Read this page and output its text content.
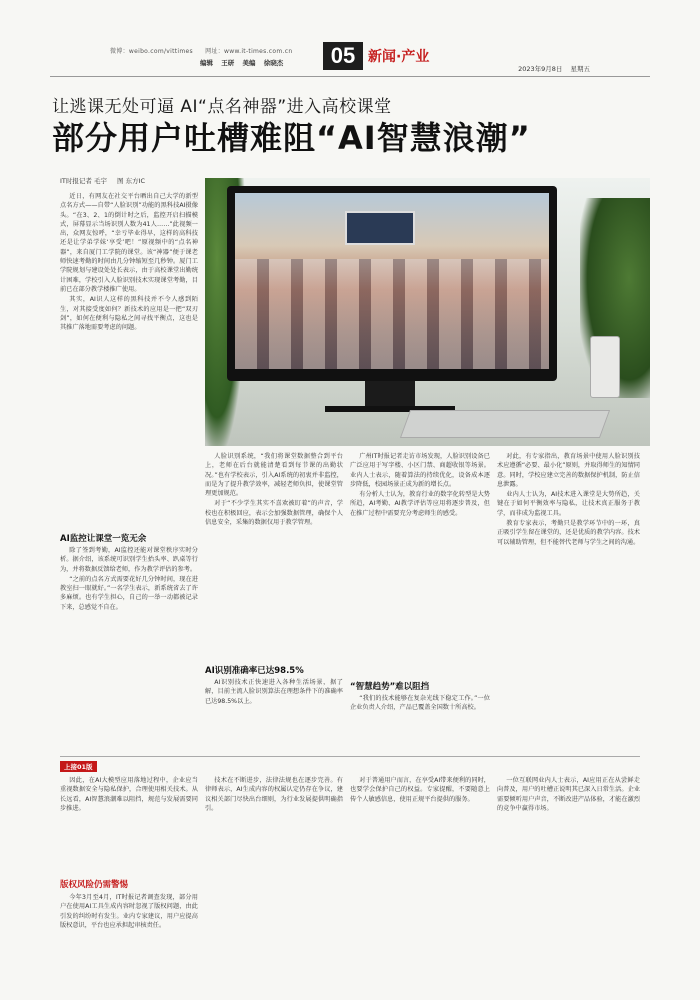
微博：weibo.com/vittimes 网址：www.it-times.com.cn
编辑 王研 美编 徐晓杰	05 新闻·产业
2023年9月8日 星期五
让逃课无处可逼 AI“点名神器”进入高校课堂
部分用户吐槽难阻“AI智慧浪潮”
IT时报记者 毛宇 图 东方IC

近日，有网友在社交平台晒出自己大学的新型点名方式——自带“人脸识别”功能的黑科技AI摄像头。“在3、2、1的倒计时之后，监控开启扫描模式，屏幕显示当场识别人数为41人……”此视频一出，众网友惊呼，“幸亏毕业得早，这样的高科技还是让学弟学妹‘享受’吧！”原视频中的“点名神器”，来自厦门工学院的课堂。该“神器”便于课老师快速考勤的时间由几分钟缩短至几秒钟。厦门工学院规划与建设处处长表示，由于高校课堂出勤统计困难，学校引入人脸识别技术实现课堂考勤，目前已在部分教学楼推广使用。

其实，AI识人这样的黑科技并不令人感到陌生，对其接受度如何？新技术的应用是一把“双刃剑”，如何在便利与隐私之间寻找平衡点，这也是其推广落地需要考虑的问题。

AI监控让课堂一览无余

除了签到考勤，AI监控还能对课堂秩序实时分析。据介绍，该系统可识别学生抬头率、趴桌等行为，并将数据反馈给老师，作为教学评估的参考。

“之前的点名方式需要花好几分钟时间，现在进教室扫一眼就好。”一名学生表示，新系统省去了许多麻烦。也有学生担心，自己的一举一动都被记录下来，总感觉不自在。

人脸识别系统，“我们将课堂数据整合到平台上，老师在后台就能清楚看到每节课的出勤状况。”也有学校表示，引入AI系统的初衷并非监控，而是为了提升教学效率，减轻老师负担，使课堂管理更加规范。

对于“不少学生其实不喜欢被盯着”的声音，学校也在积极回应，表示会加强数据管理，确保个人信息安全，采集的数据仅用于教学管理。

AI识别准确率已达98.5%

AI识别技术正快速进入各种生活场景，据了解，目前主流人脸识别算法在理想条件下的准确率已达98.5%以上。

广州IT时报记者走访市场发现，人脸识别设备已广泛应用于写字楼、小区门禁、商超收银等场景。业内人士表示，随着算法的持续优化，设备成本逐步降低，校园场景正成为新的增长点。

有分析人士认为，教育行业的数字化转型是大势所趋，AI考勤、AI教学评估等应用将逐步普及，但在推广过程中需要充分考虑师生的感受。

“智慧趋势”难以阻挡

“我们的技术能够在复杂光线下稳定工作。”一位企业负责人介绍，产品已覆盖全国数十所高校。

对此，有专家指出，教育场景中使用人脸识别技术应遵循“必要、最小化”原则，并取得师生的知情同意。同时，学校应建立完善的数据保护机制，防止信息泄露。

业内人士认为，AI技术进入课堂是大势所趋，关键在于如何平衡效率与隐私，让技术真正服务于教学，而非成为监视工具。

教育专家表示，考勤只是教学环节中的一环，真正吸引学生留在课堂的，还是优质的教学内容。技术可以辅助管理，但不能替代老师与学生之间的沟通。

上接01版

因此，在AI大模型应用落地过程中，企业应当重视数据安全与隐私保护，合理使用相关技术。从长远看，AI智慧浪潮难以阻挡，规范与发展需要同步推进。

版权风险仍需警惕

今年3月至4月，IT时报记者调查发现，部分用户在使用AI工具生成内容时忽视了版权问题，由此引发的纠纷时有发生。业内专家建议，用户应提高版权意识，平台也应承担起审核责任。

技术在不断进步，法律法规也在逐步完善。有律师表示，AI生成内容的权属认定仍存在争议，建议相关部门尽快出台细则，为行业发展提供明确指引。

对于普通用户而言，在享受AI带来便利的同时，也要学会保护自己的权益。专家提醒，不要随意上传个人敏感信息，使用正规平台提供的服务。

一位互联网业内人士表示，AI应用正在从尝鲜走向普及，用户的吐槽正说明其已深入日常生活。企业需要倾听用户声音，不断改进产品体验，才能在激烈的竞争中赢得市场。
